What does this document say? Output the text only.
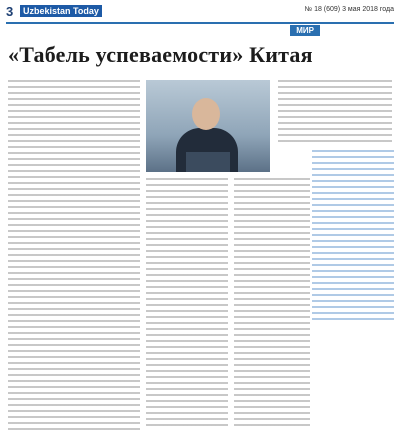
3	Uzbekistan Today	№ 18 (609) 3 мая 2018 года
МИР
«Табель успеваемости» Китая
